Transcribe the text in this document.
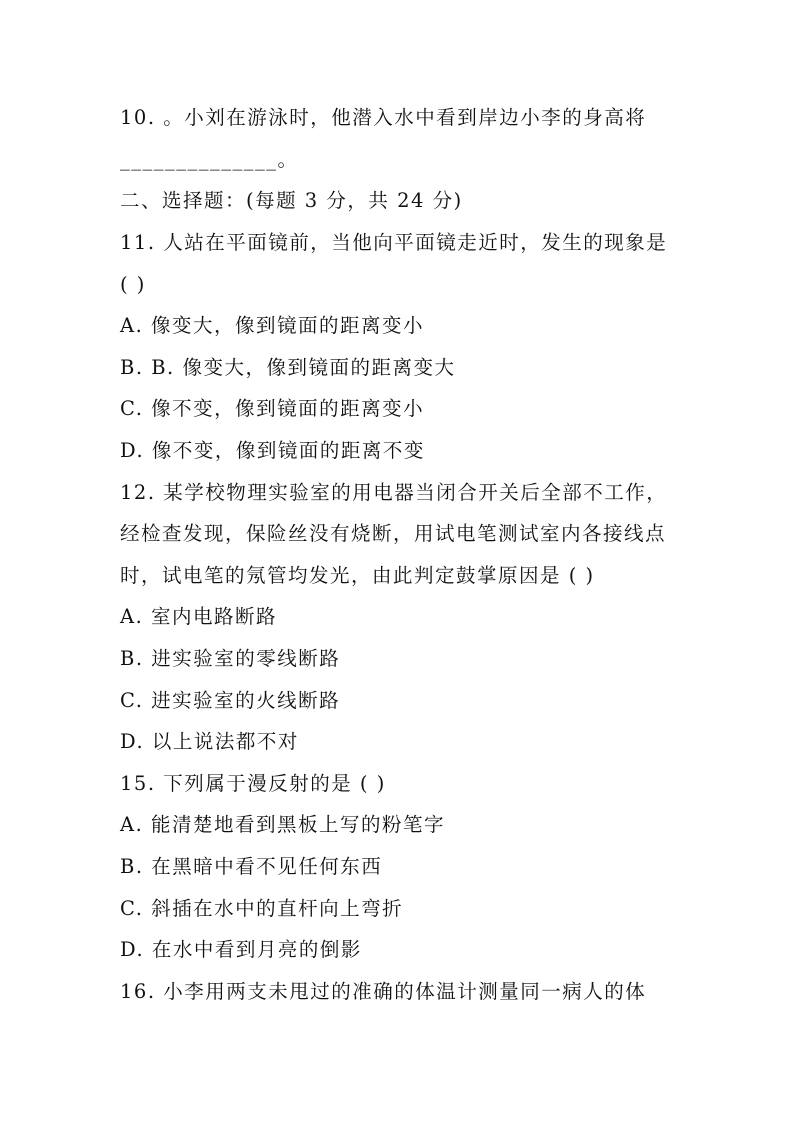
10. 。小刘在游泳时，他潜入水中看到岸边小李的身高将
______________。
二、选择题：(每题 3 分，共 24 分)
11. 人站在平面镜前，当他向平面镜走近时，发生的现象是
( )
A. 像变大，像到镜面的距离变小
B. B. 像变大，像到镜面的距离变大
C. 像不变，像到镜面的距离变小
D. 像不变，像到镜面的距离不变
12. 某学校物理实验室的用电器当闭合开关后全部不工作，
经检查发现，保险丝没有烧断，用试电笔测试室内各接线点
时，试电笔的氖管均发光，由此判定鼓掌原因是 ( )
A. 室内电路断路
B. 进实验室的零线断路
C. 进实验室的火线断路
D. 以上说法都不对
15. 下列属于漫反射的是 ( )
A. 能清楚地看到黑板上写的粉笔字
B. 在黑暗中看不见任何东西
C. 斜插在水中的直杆向上弯折
D. 在水中看到月亮的倒影
16. 小李用两支未甩过的准确的体温计测量同一病人的体
